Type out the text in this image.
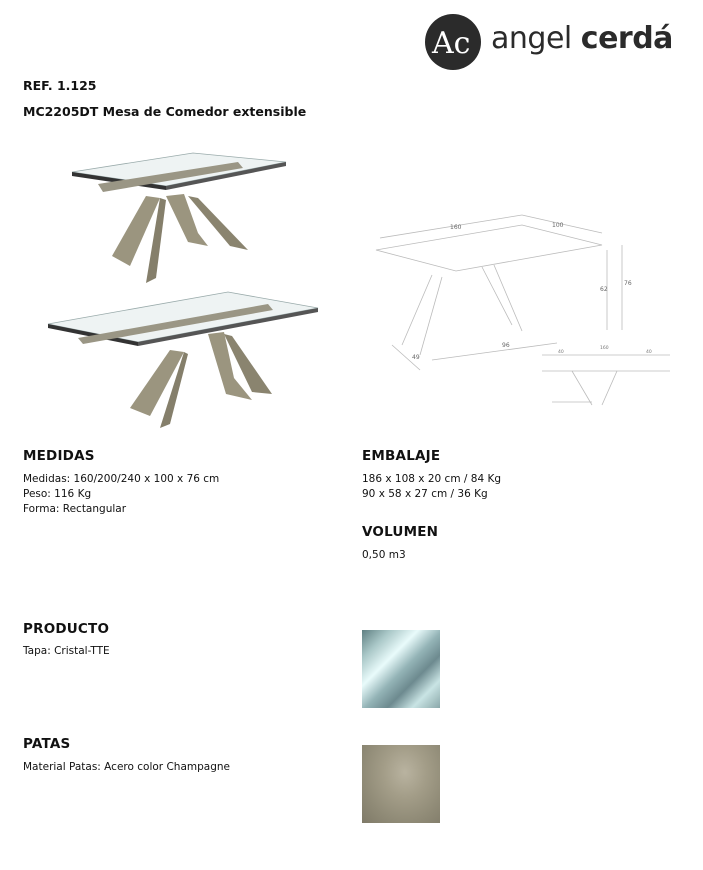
Ac angel cerdá
REF. 1.125
MC2205DT Mesa de Comedor extensible
160	100
76
62
96
49
40
160
40
MEDIDAS
Medidas: 160/200/240 x 100 x 76 cm
Peso: 116 Kg
Forma: Rectangular
EMBALAJE
186 x 108 x 20 cm / 84 Kg
90 x 58 x 27 cm / 36 Kg
VOLUMEN
0,50 m3
PRODUCTO
Tapa: Cristal-TTE
PATAS
Material Patas: Acero color Champagne
